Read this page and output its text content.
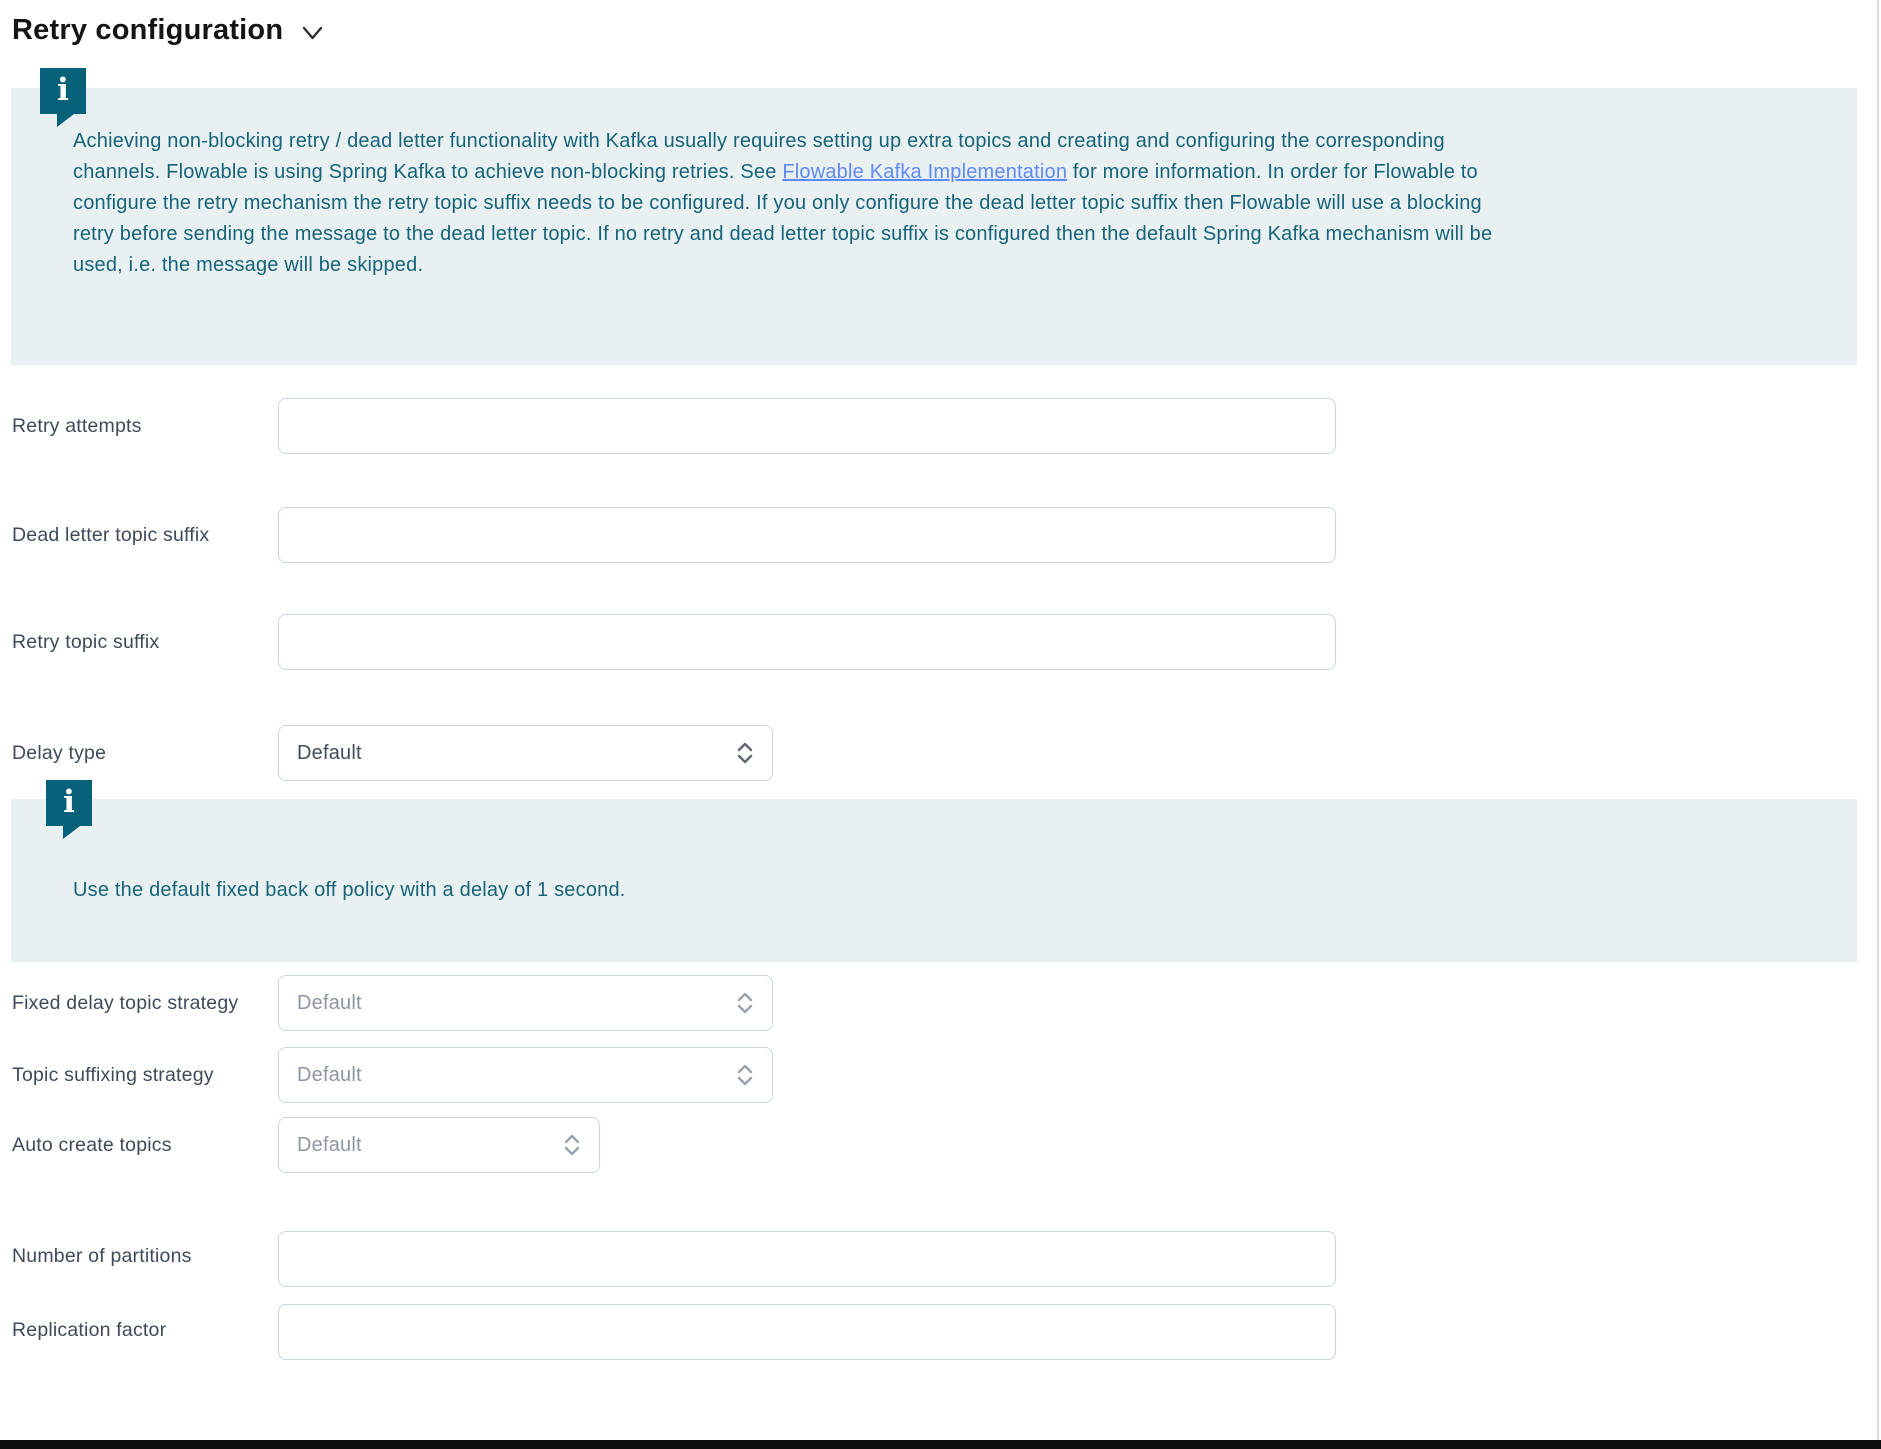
Retry configuration

Achieving non-blocking retry / dead letter functionality with Kafka usually requires setting up extra topics and creating and configuring the corresponding channels. Flowable is using Spring Kafka to achieve non-blocking retries. See Flowable Kafka Implementation for more information. In order for Flowable to configure the retry mechanism the retry topic suffix needs to be configured. If you only configure the dead letter topic suffix then Flowable will use a blocking retry before sending the message to the dead letter topic. If no retry and dead letter topic suffix is configured then the default Spring Kafka mechanism will be used, i.e. the message will be skipped.

i
Retry attempts
Dead letter topic suffix
Retry topic suffix
Delay type	Default

Use the default fixed back off policy with a delay of 1 second.

i
Fixed delay topic strategy	Default
Topic suffixing strategy	Default
Auto create topics	Default
Number of partitions
Replication factor
